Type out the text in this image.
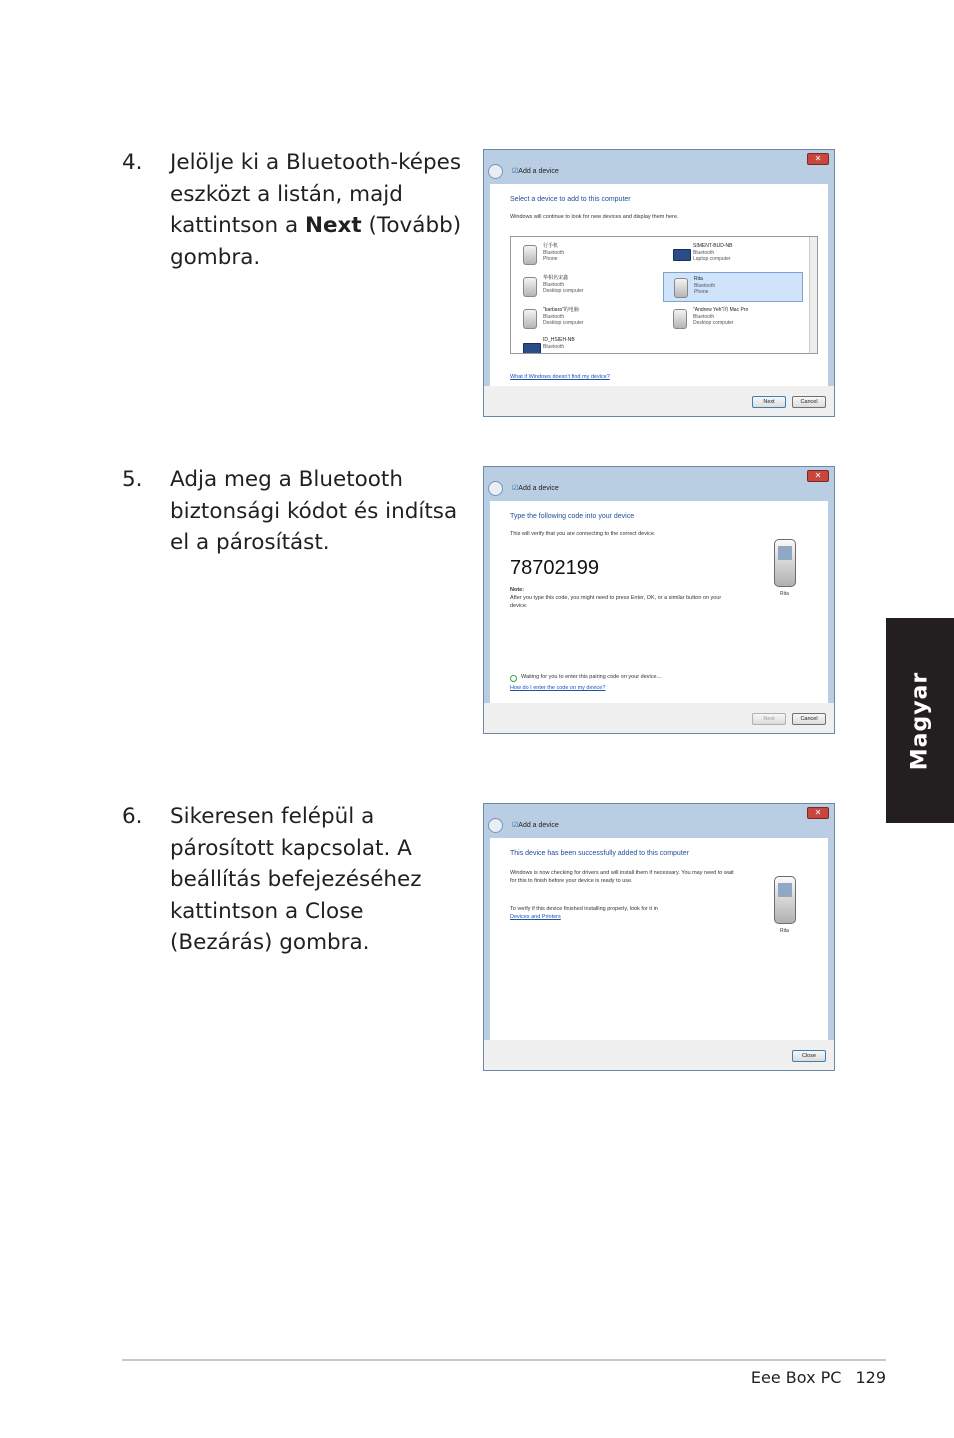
4. Jelölje ki a Bluetooth-képes eszközt a listán, majd kattintson a Next (Tovább) gombra.
5. Adja meg a Bluetooth biztonsági kódot és indítsa el a párosítást.
6. Sikeresen felépül a párosított kapcsolat. A beállítás befejezéséhez kattintson a Close (Bezárás) gombra.
☑ Add a device
✕
Select a device to add to this computer
Windows will continue to look for new devices and display them here.
行手机
Bluetooth
Phone
SIMENT-BUD-NB
Bluetooth
Laptop computer
华相名宋鑫
Bluetooth
Desktop computer
Rita
Bluetooth
Phone
"barbara"的电脑
Bluetooth
Desktop computer
"Andrew Yeh"的 Mac Pro
Bluetooth
Desktop computer
ID_HSIEH-NB
Bluetooth
What if Windows doesn't find my device?
Next	Cancel
☑ Add a device
✕
Type the following code into your device
This will verify that you are connecting to the correct device.
78702199
Note:
After you type this code, you might need to press Enter, OK, or a similar button on your device.
Rita
Waiting for you to enter this pairing code on your device...
How do I enter the code on my device?
Next	Cancel
☑ Add a device
✕
This device has been successfully added to this computer
Windows is now checking for drivers and will install them if necessary. You may need to wait for this to finish before your device is ready to use.
To verify if this device finished installing properly, look for it in
Devices and Printers
Rita
Close
Magyar
Eee Box PC 129
